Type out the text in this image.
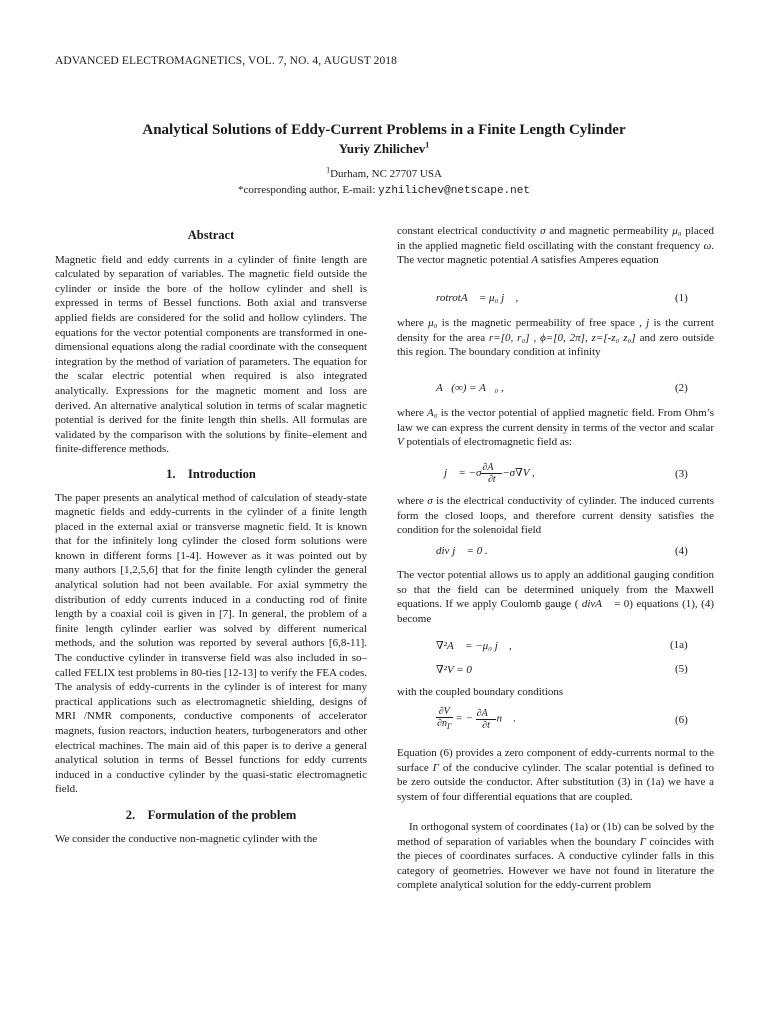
ADVANCED ELECTROMAGNETICS, VOL. 7, NO. 4, AUGUST 2018
Analytical Solutions of Eddy-Current Problems in a Finite Length Cylinder
Yuriy Zhilichev$^1$
$^1$Durham, NC 27707 USA
*corresponding author, E-mail: yzhilichev@netscape.net
Abstract

Magnetic field and eddy currents in a cylinder of finite length are calculated by separation of variables. The magnetic field outside the cylinder or inside the bore of the hollow cylinder and shell is expressed in terms of Bessel functions. Both axial and transverse applied fields are considered for the solid and hollow cylinders. The equations for the vector potential components are transformed in one-dimensional equations along the radial coordinate with the consequent integration by the method of variation of parameters. The equation for the scalar electric potential when required is also integrated analytically. Expressions for the magnetic moment and loss are derived. An alternative analytical solution in terms of scalar magnetic potential is derived for the finite length thin shells. All formulas are validated by the comparison with the solutions by finite–element and finite-difference methods.

1. Introduction

The paper presents an analytical method of calculation of steady-state magnetic fields and eddy-currents in the cylinder of a finite length placed in the external axial or transverse magnetic field. It is known that for the infinitely long cylinder the closed form solutions were known in different forms [1-4]. However as it was pointed out by many authors [1,2,5,6] that for the finite length cylinder the general analytical solution had not been available. For axial symmetry the distribution of eddy currents induced in a conducting rod of finite length by a coaxial coil is given in [7]. In general, the problem of a finite length cylinder earlier was solved by different numerical methods, and the solution was reported by several authors [6,8-11]. The conductive cylinder in transverse field was also included in so–called FELIX test problems in 80-ties [12-13] to verify the FEA codes. The analysis of eddy-currents in the cylinder is of interest for many practical applications such as electromagnetic shielding, designs of MRI /NMR components, conductive components of accelerator magnets, fusion reactors, induction heaters, turbogenerators and other electrical machines. The main aid of this paper is to derive a general analytical solution in terms of Bessel functions for eddy currents induced in a conductive cylinder by the quasi-static electromagnetic field.

2. Formulation of the problem

We consider the conductive non-magnetic cylinder with the

constant electrical conductivity σ and magnetic permeability μ₀ placed in the applied magnetic field oscillating with the constant frequency ω. The vector magnetic potential A satisfies Amperes equation
rotrotA⃗ = μ₀ j⃗ ,	(1)
where μ₀ is the magnetic permeability of free space , j is the current density for the area r=[0, r₀] , ϕ=[0, 2π], z=[-z₀ z₀] and zero outside this region. The boundary condition at infinity
A⃗(∞) = A⃗₀ ,	(2)
where A₀ is the vector potential of applied magnetic field. From Ohm’s law we can express the current density in terms of the vector and scalar V potentials of electromagnetic field as:
j⃗ = $-\sigma \frac{\partial A⃗}{\partial t} -\sigma\nabla V$ ,	(3)
where σ is the electrical conductivity of cylinder. The induced currents form the closed loops, and therefore current density satisfies the condition for the solenoidal field
div j⃗ = 0 .	(4)
The vector potential allows us to apply an additional gauging condition so that the field can be determined uniquely from the Maxwell equations. If we apply Coulomb gauge ( divA⃗ = 0) equations (1), (4) become
∇²A⃗ = −μ₀ j⃗ ,	(1a)
∇²V = 0	(5)
with the coupled boundary conditions
$\frac{\partial V}{\partial n_\Gamma}$ = − $\frac{\partial A⃗}{\partial t}$ n⃗ .	(6)
Equation (6) provides a zero component of eddy-currents normal to the surface Γ of the conducive cylinder. The scalar potential is defined to be zero outside the conductor. After substitution (3) in (1a) we have a system of four differential equations that are coupled.
In orthogonal system of coordinates (1a) or (1b) can be solved by the method of separation of variables when the boundary Γ coincides with the pieces of coordinates surfaces. A conductive cylinder falls in this category of geometries. However we have not found in literature the complete analytical solution for the eddy-current problem
